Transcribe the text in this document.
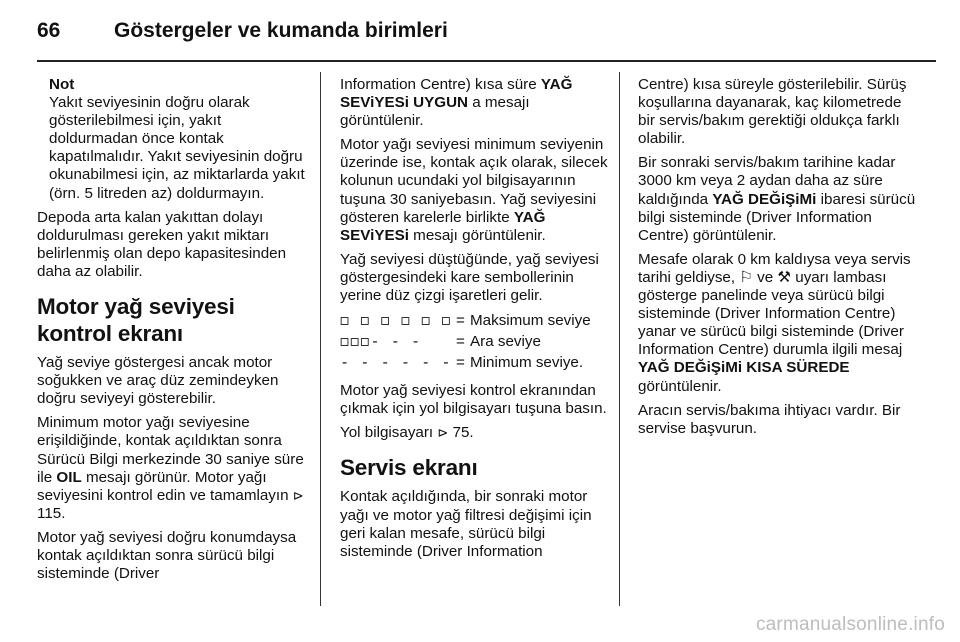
66	Göstergeler ve kumanda birimleri
Not
Yakıt seviyesinin doğru olarak gösterilebilmesi için, yakıt doldurmadan önce kontak kapatılmalıdır. Yakıt seviyesinin doğru okunabilmesi için, az miktarlarda yakıt (örn. 5 litreden az) doldurmayın.

Depoda arta kalan yakıttan dolayı doldurulması gereken yakıt miktarı belirlenmiş olan depo kapasitesinden daha az olabilir.

Motor yağ seviyesi kontrol ekranı

Yağ seviye göstergesi ancak motor soğukken ve araç düz zemindeyken doğru seviyeyi gösterebilir.

Minimum motor yağı seviyesine erişildiğinde, kontak açıldıktan sonra Sürücü Bilgi merkezinde 30 saniye süre ile OIL mesajı görünür. Motor yağı seviyesini kontrol edin ve tamamlayın ⊳ 115.

Motor yağ seviyesi doğru konumdaysa kontak açıldıktan sonra sürücü bilgi sisteminde (Driver

Information Centre) kısa süre YAĞ SEViYESi UYGUN a mesajı görüntülenir.

Motor yağı seviyesi minimum seviyenin üzerinde ise, kontak açık olarak, silecek kolunun ucundaki yol bilgisayarının tuşuna 30 saniyebasın. Yağ seviyesini gösteren karelerle birlikte YAĞ SEViYESi mesajı görüntülenir.

Yağ seviyesi düştüğünde, yağ seviyesi göstergesindeki kare sembollerinin yerine düz çizgi işaretleri gelir.

◻ ◻ ◻ ◻ ◻ ◻	=	Maksimum seviye
◻◻◻- - -	=	Ara seviye
- - - - - -	=	Minimum seviye.

Motor yağ seviyesi kontrol ekranından çıkmak için yol bilgisayarı tuşuna basın.

Yol bilgisayarı ⊳ 75.

Servis ekranı

Kontak açıldığında, bir sonraki motor yağı ve motor yağ filtresi değişimi için geri kalan mesafe, sürücü bilgi sisteminde (Driver Information

Centre) kısa süreyle gösterilebilir. Sürüş koşullarına dayanarak, kaç kilometrede bir servis/bakım gerektiği oldukça farklı olabilir.

Bir sonraki servis/bakım tarihine kadar 3000 km veya 2 aydan daha az süre kaldığında YAĞ DEĞiŞiMi ibaresi sürücü bilgi sisteminde (Driver Information Centre) görüntülenir.

Mesafe olarak 0 km kaldıysa veya servis tarihi geldiyse, ⚐ ve ⚒ uyarı lambası gösterge panelinde veya sürücü bilgi sisteminde (Driver Information Centre) yanar ve sürücü bilgi sisteminde (Driver Information Centre) durumla ilgili mesaj YAĞ DEĞiŞiMi KISA SÜREDE görüntülenir.

Aracın servis/bakıma ihtiyacı vardır. Bir servise başvurun.

carmanualsonline.info
